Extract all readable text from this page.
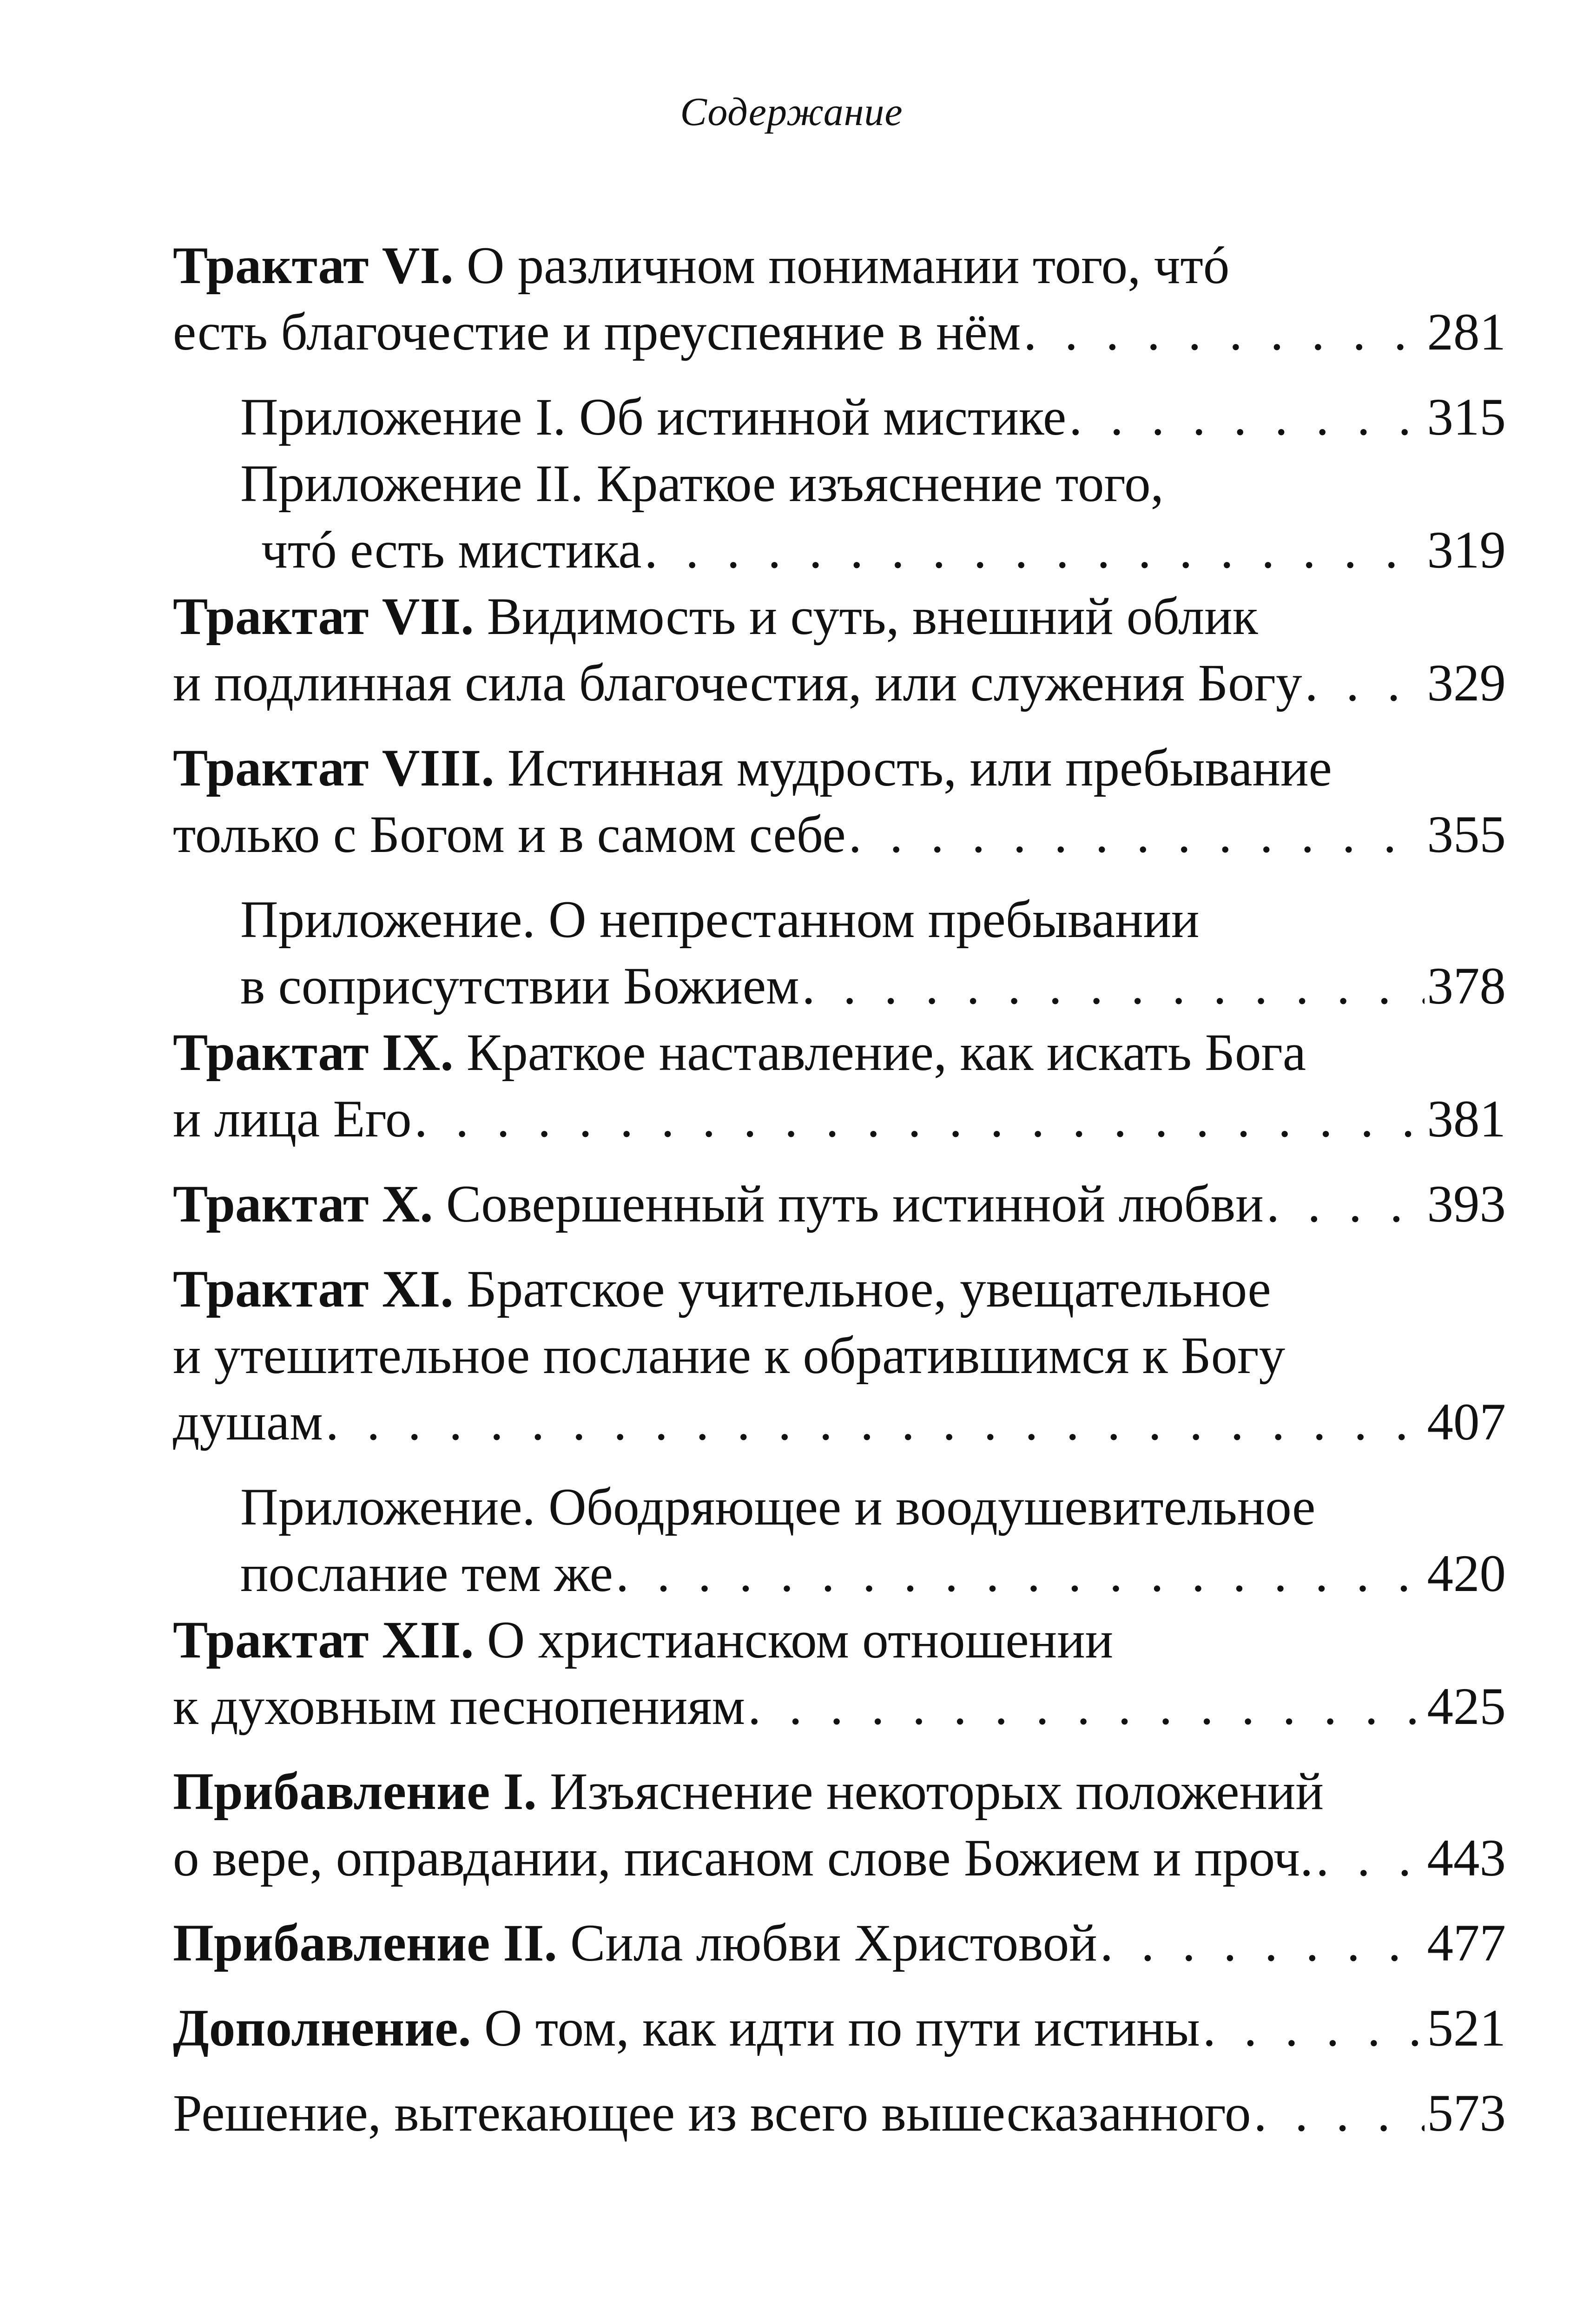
Содержание
Трактат VI. О различном понимании того, чтó
есть благочестие и преуспеяние в нём . . .	281
Приложение I. Об истинной мистике . . .	315
Приложение II. Краткое изъяснение того,
чтó есть мистика . . .	319
Трактат VII. Видимость и суть, внешний облик
и подлинная сила благочестия, или служения Богу . . . 329
Трактат VIII. Истинная мудрость, или пребывание
только с Богом и в самом себе . . .	355
Приложение. О непрестанном пребывании
в соприсутствии Божием . . .	378
Трактат IX. Краткое наставление, как искать Бога
и лица Его . . .	381
Трактат X. Совершенный путь истинной любви . . .	393
Трактат XI. Братское учительное, увещательное
и утешительное послание к обратившимся к Богу
душам . . .	407
Приложение. Ободряющее и воодушевительное
послание тем же . . .	420
Трактат XII. О христианском отношении
к духовным песнопениям . . .	425
Прибавление I. Изъяснение некоторых положений
о вере, оправдании, писаном слове Божием и проч. . . . 443
Прибавление II. Сила любви Христовой . . .	477
Дополнение. О том, как идти по пути истины . . .	521
Решение, вытекающее из всего вышесказанного . . .	573
